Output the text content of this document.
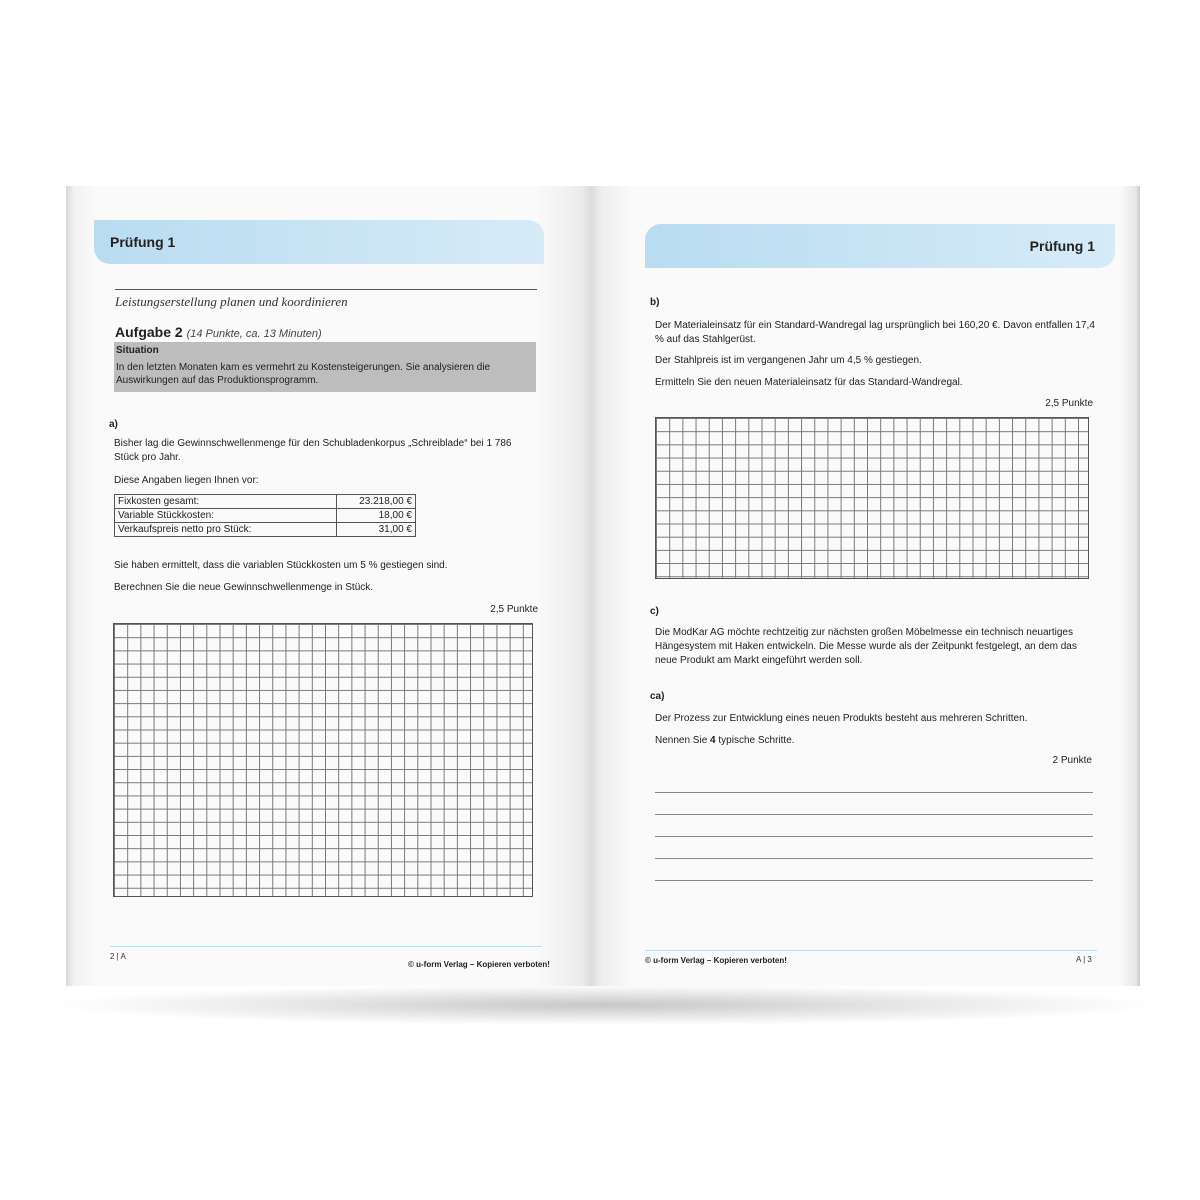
Prüfung 1
Leistungserstellung planen und koordinieren
Aufgabe 2 (14 Punkte, ca. 13 Minuten)
Situation
In den letzten Monaten kam es vermehrt zu Kostensteigerungen. Sie analysieren die Auswirkungen auf das Produktionsprogramm.
a)
Bisher lag die Gewinnschwellenmenge für den Schubladenkorpus „Schreiblade“ bei 1 786 Stück pro Jahr.
Diese Angaben liegen Ihnen vor:
Fixkosten gesamt:	23.218,00 €
Variable Stückkosten:	18,00 €
Verkaufspreis netto pro Stück:	31,00 €
Sie haben ermittelt, dass die variablen Stückkosten um 5 % gestiegen sind.
Berechnen Sie die neue Gewinnschwellenmenge in Stück.
2,5 Punkte
2 | A
© u-form Verlag – Kopieren verboten!
Prüfung 1
b)
Der Materialeinsatz für ein Standard-Wandregal lag ursprünglich bei 160,20 €. Davon entfallen 17,4 % auf das Stahlgerüst.
Der Stahlpreis ist im vergangenen Jahr um 4,5 % gestiegen.
Ermitteln Sie den neuen Materialeinsatz für das Standard-Wandregal.
2,5 Punkte
c)
Die ModKar AG möchte rechtzeitig zur nächsten großen Möbelmesse ein technisch neuartiges Hängesystem mit Haken entwickeln. Die Messe wurde als der Zeitpunkt festgelegt, an dem das neue Produkt am Markt eingeführt werden soll.
ca)
Der Prozess zur Entwicklung eines neuen Produkts besteht aus mehreren Schritten.
Nennen Sie 4 typische Schritte.
2 Punkte
© u-form Verlag – Kopieren verboten!	A | 3
